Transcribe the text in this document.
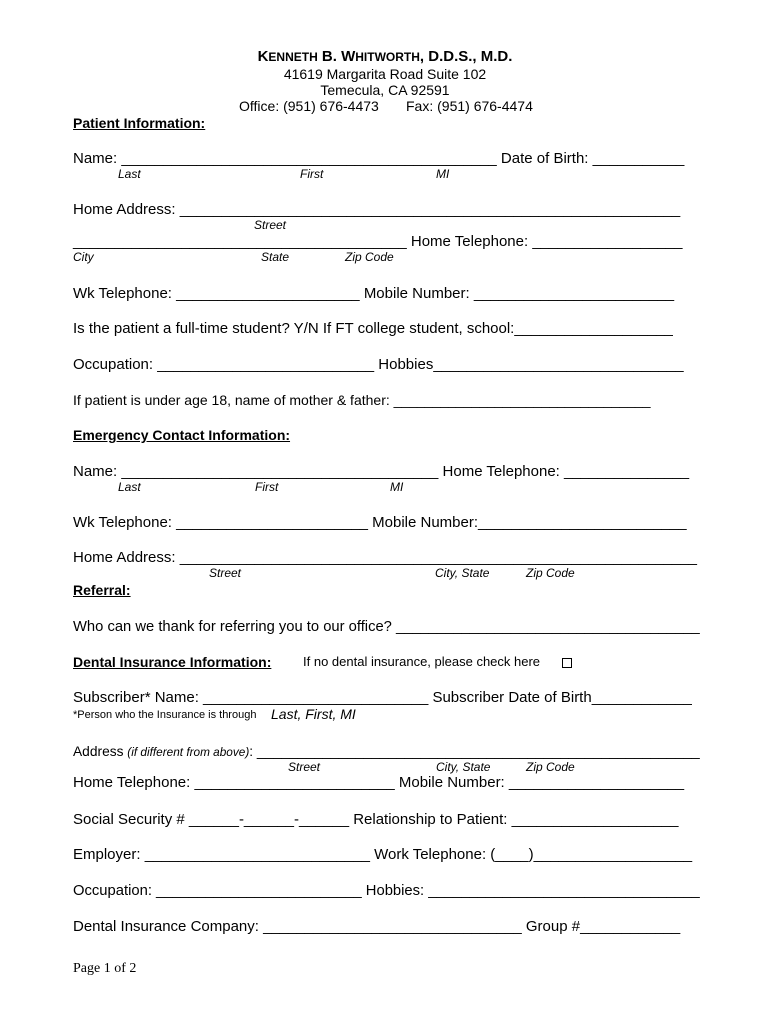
KENNETH B. WHITWORTH, D.D.S., M.D.
41619 Margarita Road Suite 102
Temecula, CA 92591
Office: (951) 676-4473 Fax: (951) 676-4474
Patient Information:
Name: _____________________________________________ Date of Birth: ___________
Last	First	MI
Home Address: ____________________________________________________________
Street
________________________________________ Home Telephone: __________________
City	State	Zip Code
Wk Telephone: ______________________ Mobile Number: ________________________
Is the patient a full-time student? Y/N If FT college student, school:___________________
Occupation: __________________________ Hobbies______________________________
If patient is under age 18, name of mother & father: _________________________________
Emergency Contact Information:
Name: ______________________________________ Home Telephone: _______________
Last	First	MI
Wk Telephone: _______________________ Mobile Number:_________________________
Home Address: ______________________________________________________________
Street	City, State	Zip Code
Referral:
Who can we thank for referring you to our office? _____________________________________
Dental Insurance Information: If no dental insurance, please check here
Subscriber* Name: ___________________________ Subscriber Date of Birth____________
*Person who the Insurance is through Last, First, MI
Address (if different from above): ______________________________________________________
Street	City, State	Zip Code
Home Telephone: ________________________ Mobile Number: _____________________
Social Security # ______-______-______ Relationship to Patient: ____________________
Employer: ___________________________ Work Telephone: (____)___________________
Occupation: _________________________ Hobbies: _________________________________
Dental Insurance Company: _______________________________ Group #____________
Page 1 of 2
